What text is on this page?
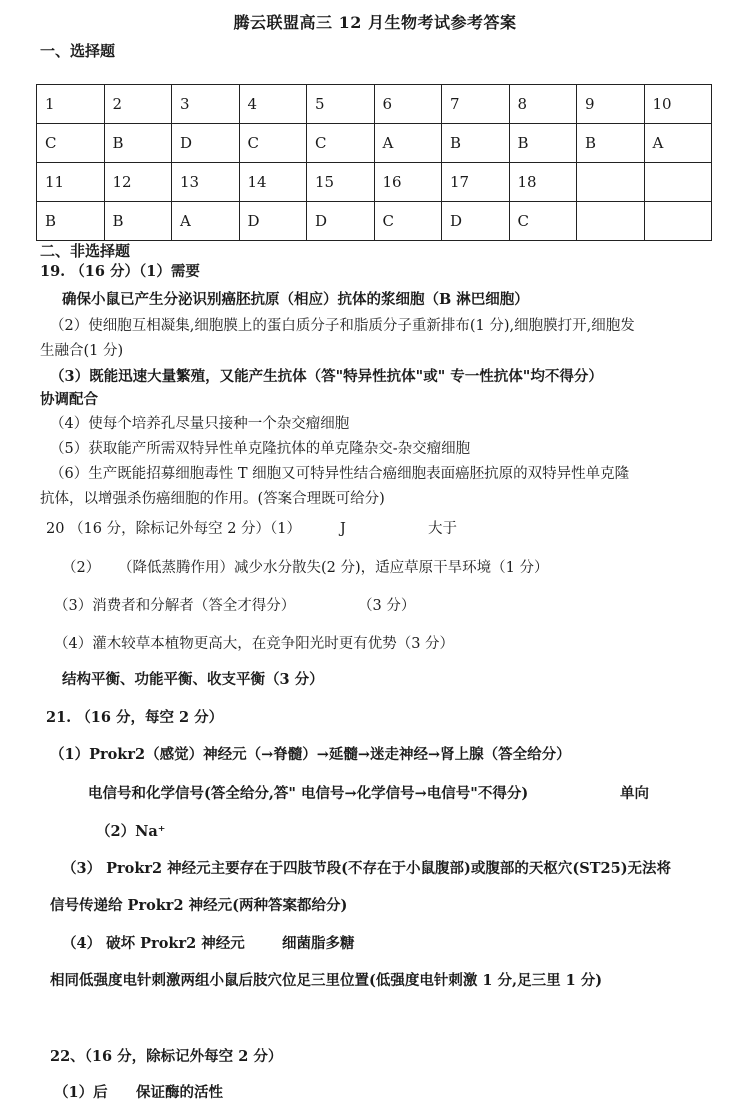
腾云联盟高三 12 月生物考试参考答案
一、选择题
1	2	3	4	5	6	7	8	9	10
C	B	D	C	C	A	B	B	B	A
11	12	13	14	15	16	17	18		
B	B	A	D	D	C	D	C		
二、非选择题
19. （16 分）（1）需要
确保小鼠已产生分泌识别癌胚抗原（相应）抗体的浆细胞（B 淋巴细胞）
（2）使细胞互相凝集,细胞膜上的蛋白质分子和脂质分子重新排布(1 分),细胞膜打开,细胞发
生融合(1 分)
（3）既能迅速大量繁殖，又能产生抗体（答"特异性抗体"或" 专一性抗体"均不得分）
协调配合
（4）使每个培养孔尽量只接种一个杂交瘤细胞
（5）获取能产所需双特异性单克隆抗体的单克隆杂交-杂交瘤细胞
（6）生产既能招募细胞毒性 T 细胞又可特异性结合癌细胞表面癌胚抗原的双特异性单克隆
抗体，以增强杀伤癌细胞的作用。(答案合理既可给分)
20 （16 分，除标记外每空 2 分）（1）	J	大于
（2） （降低蒸腾作用）减少水分散失(2 分)，适应草原干旱环境（1 分）
（3）消费者和分解者（答全才得分）	（3 分）
（4）灌木较草本植物更高大，在竞争阳光时更有优势（3 分）
结构平衡、功能平衡、收支平衡（3 分）
21. （16 分，每空 2 分）
（1）Prokr2（感觉）神经元（→脊髓）→延髓→迷走神经→肾上腺（答全给分）
电信号和化学信号(答全给分,答" 电信号→化学信号→电信号"不得分)	单向
（2）Na⁺
（3） Prokr2 神经元主要存在于四肢节段(不存在于小鼠腹部)或腹部的天枢穴(ST25)无法将
信号传递给 Prokr2 神经元(两种答案都给分)
（4） 破坏 Prokr2 神经元	细菌脂多糖
相同低强度电针刺激两组小鼠后肢穴位足三里位置(低强度电针刺激 1 分,足三里 1 分)
22、（16 分，除标记外每空 2 分）
（1）后 保证酶的活性
